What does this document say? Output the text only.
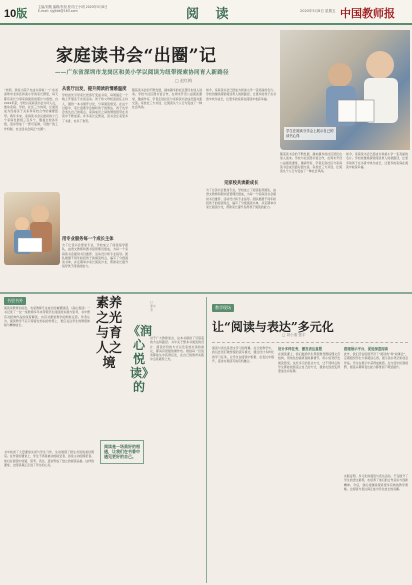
10版
主编/刘胤 编辑/李旭 校对/王小明 2020年5月8日
E-mail: sjyjtbk@163.com	阅 读	2020年5月8日 星期五 中国教师报
家庭读书会“出圈”记
——广东省深圳市龙岗区和美小学以阅读为纽带探索协同育人新路径
□ 赵红梅
学生在阅读分享会上展示自己的读书心得
“老师，我家小院子也成书房啦！”广东省深圳市龙岗区和美小学的家长群里，每天都有家长分享家庭阅读的照片与感悟。自2019年起，学校以家庭读书会为切入点，推动家庭、学校、社区三方协同，让阅读成为连接亲子关系和家校合作的重要纽带。两年多来，家庭读书会从最初的十几个家庭发展到三百多个，覆盖全校各年级，逐步形成了一套可复制、可推广的工作机制，也让读书会真正“出圈”。
从客厅出发，提升阅读的情感温度
学校首先引导家长把客厅变成书房，每周固定一个晚上开展亲子共读活动。孩子和父母轮流担任主持人，围绕一本书展开讨论，分享阅读感受。在这个过程中，家长逐渐学会倾听孩子的想法，孩子也学会表达自己的观点，家庭成员之间的情感纽带在共读中不断加深。许多家长反馈说，读书会让家里多了书香，也多了欢笑。
用专业服务每一个成长主体
为了让读书会更加专业，学校成立了阅读指导团队，由语文教师和图书馆管理员组成，为每一个家庭读书会提供书目推荐、活动设计和专业指导。团队根据不同年龄段孩子的阅读特点，编写了分级阅读书单，并定期举办家长阅读沙龙，帮助家长提升指导孩子阅读的能力。
随着读书会的不断发展，越来越多的社区居民也加入进来。学校与社区图书馆合作，在周末开设公益阅读课堂，邀请作家、学者走进社区与家庭读书会成员面对面交流。家校社三方共读，让阅读从个人行为变成了一种社会风尚。
如今，家庭读书会已经成为和美小学一张亮丽的名片。学校将继续探索阅读育人的新路径，让更多的孩子在书香中快乐成长，让更多的家庭在阅读中收获幸福。
见家校共读新成长
为了让读书会更加专业，学校成立了阅读指导团队，由语文教师和图书馆管理员组成，为每一个家庭读书会提供书目推荐、活动设计和专业指导。团队根据不同年龄段孩子的阅读特点，编写了分级阅读书单，并定期举办家长阅读沙龙，帮助家长提升指导孩子阅读的能力。
随着读书会的不断发展，越来越多的社区居民也加入进来。学校与社区图书馆合作，在周末开设公益阅读课堂，邀请作家、学者走进社区与家庭读书会成员面对面交流。家校社三方共读，让阅读从个人行为变成了一种社会风尚。
如今，家庭读书会已经成为和美小学一张亮丽的名片。学校将继续探索阅读育人的新路径，让更多的孩子在书香中快乐成长，让更多的家庭在阅读中收获幸福。
书里书外
阅读是教育的底色，也是教师专业成长的重要途径。《润心悦读》一书记录了一位一线教师多年来带领学生阅读的实践与思考，书中既有对经典作品的深度解读，也有对课堂教学的细致反思。作者认为，阅读教学不应只停留在知识的传授上，更应关注学生的情感体验与精神成长。
素养之光与育人之境
《润心悦读》的
□ 李小芳
阅读是一场美好的相遇，让我们在书香中遇见更好的自己。
书中收录了大量课堂实录与学生习作，生动展现了师生共读的美好图景。在作者的课堂上，学生不再是被动的接受者，而是主动的探索者。他们在阅读中质疑、思考、表达，逐步形成了独立的阅读品格。这样的课堂，让阅读真正走进了学生的心灵。
对于广大教师而言，这本书提供了可借鉴的方法和路径。书中关于整本书阅读的设计、阅读评价的方式以及家校共读的建议，都具有很强的操作性。相信每一位读者都能从中获得启发，在自己的教育实践中点亮素养之光。
教学现场
让“阅读与表达”多元化
□ 刘小燕 张宇
阅读与表达是语文学习的两翼。在日常教学中，我们尝试打破传统的读写模式，通过设计多样化的学习任务，让学生在阅读中积累、在表达中提升，逐步实现读写的有机融合。
设计多样任务，激发表达意愿
在阅读课上，我们鼓励学生用思维导图梳理文章结构，用角色扮演再现故事情节，用小练笔抒发阅读感受。这些多元的表达方式，让不同特点的学生都能找到适合自己的方式，课堂也因此变得更加生动有趣。
搭建展示平台，促进深度阅读
此外，我们还在班级开设了“阅读角”和“故事会”，定期组织学生分享阅读心得，展示读书笔记和创意作品。学生在展示中获得成就感，在交流中拓展视野，阅读兴趣和表达能力都得到了明显提升。
实践证明，多元化的阅读与表达活动，不仅提升了学生的语文素养，也培养了他们的合作意识与创新精神。今后，我们将继续探索更多有效的教学策略，让阅读与表达真正成为学生成长的双翼。
